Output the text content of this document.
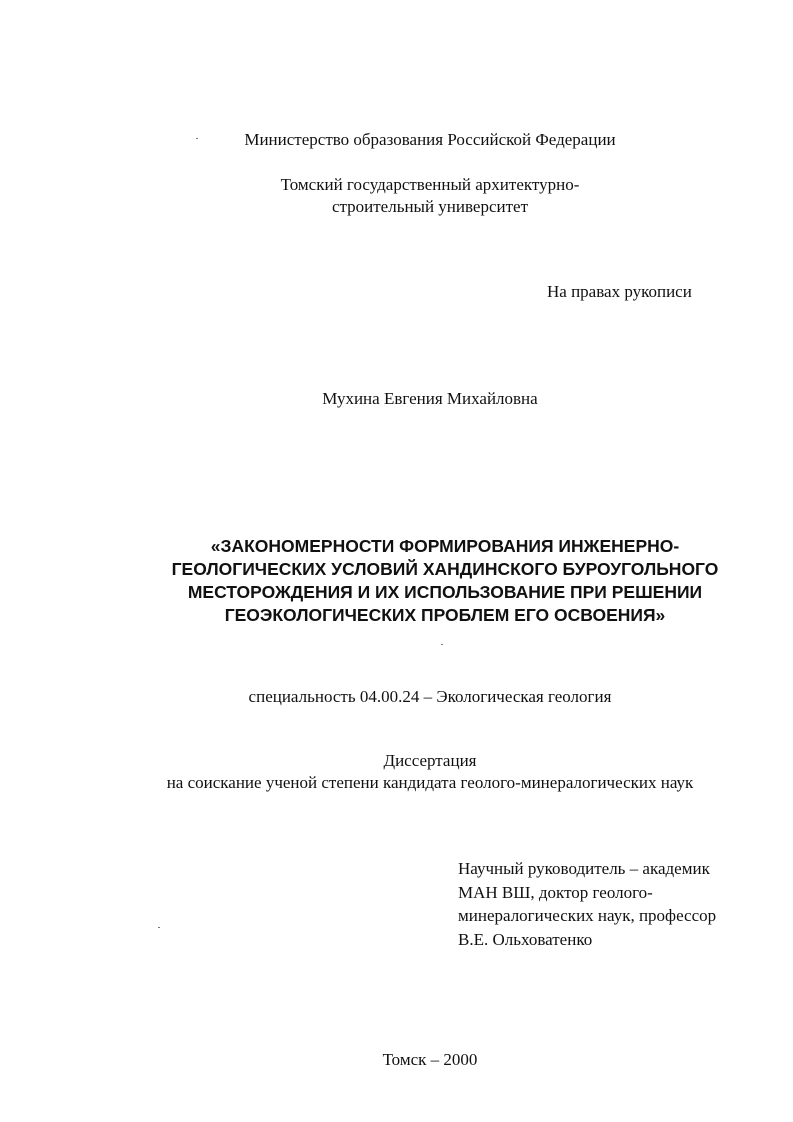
Министерство образования Российской Федерации

Томский государственный архитектурно-

строительный университет

На правах рукописи

Мухина Евгения Михайловна

«ЗАКОНОМЕРНОСТИ ФОРМИРОВАНИЯ ИНЖЕНЕРНО-
ГЕОЛОГИЧЕСКИХ УСЛОВИЙ ХАНДИНСКОГО БУРОУГОЛЬНОГО
МЕСТОРОЖДЕНИЯ И ИХ ИСПОЛЬЗОВАНИЕ ПРИ РЕШЕНИИ
ГЕОЭКОЛОГИЧЕСКИХ ПРОБЛЕМ ЕГО ОСВОЕНИЯ»

специальность 04.00.24 – Экологическая геология

Диссертация

на соискание ученой степени кандидата геолого-минералогических наук

Научный руководитель – академик
МАН ВШ, доктор геолого-
минералогических наук, профессор
В.Е. Ольховатенко

Томск – 2000
